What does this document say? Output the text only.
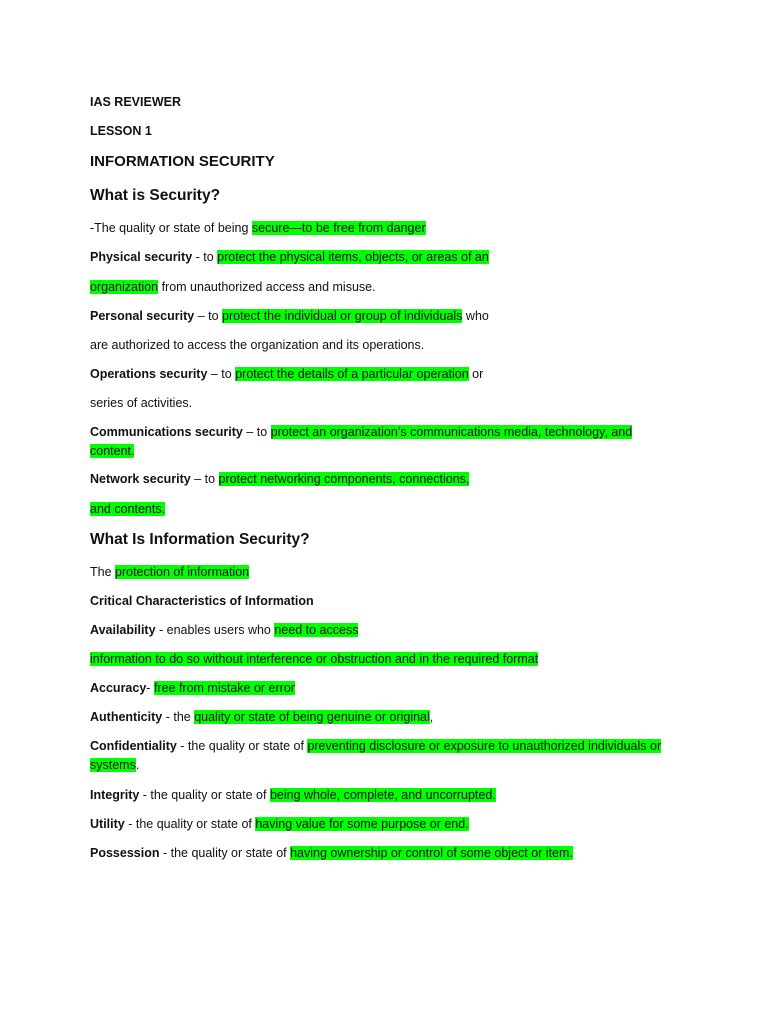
IAS REVIEWER
LESSON 1
INFORMATION SECURITY
What is Security?
-The quality or state of being secure—to be free from danger
Physical security - to protect the physical items, objects, or areas of an
organization from unauthorized access and misuse.
Personal security – to protect the individual or group of individuals who
are authorized to access the organization and its operations.
Operations security – to protect the details of a particular operation or
series of activities.
Communications security – to protect an organization’s communications media, technology, and
content.
Network security – to protect networking components, connections,
and contents.
What Is Information Security?
The protection of information
Critical Characteristics of Information
Availability - enables users who need to access
information to do so without interference or obstruction and in the required format
Accuracy- free from mistake or error
Authenticity - the quality or state of being genuine or original,
Confidentiality - the quality or state of preventing disclosure or exposure to unauthorized individuals or
systems.
Integrity - the quality or state of being whole, complete, and uncorrupted.
Utility - the quality or state of having value for some purpose or end.
Possession - the quality or state of having ownership or control of some object or item.
